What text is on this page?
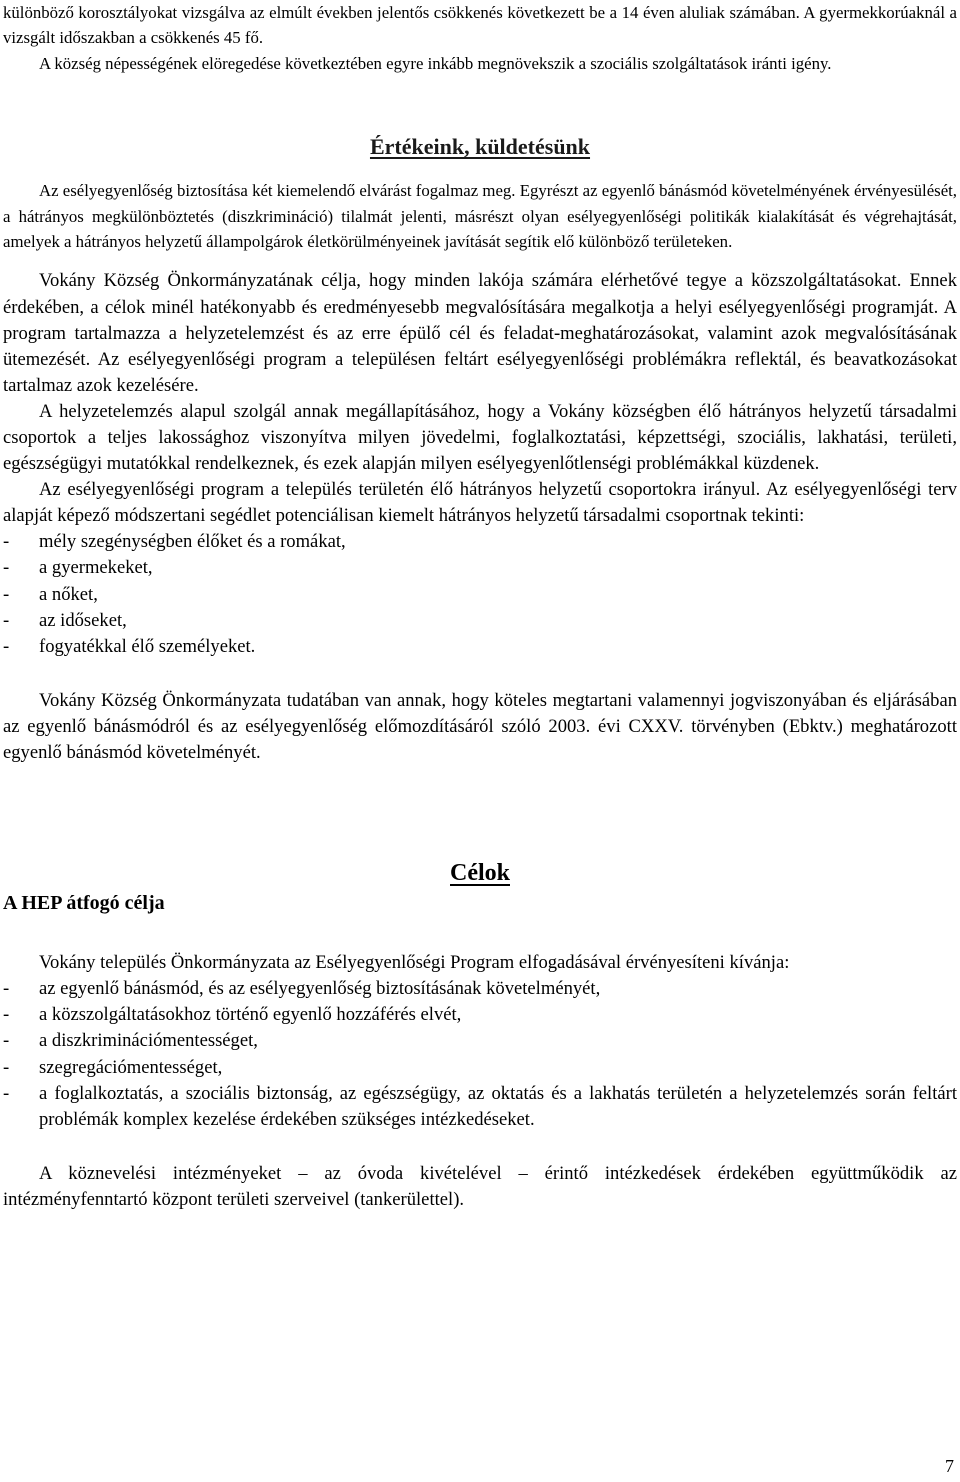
különböző korosztályokat vizsgálva az elmúlt években jelentős csökkenés következett be a 14 éven aluliak számában. A gyermekkorúaknál a vizsgált időszakban a csökkenés 45 fő.

A község népességének elöregedése következtében egyre inkább megnövekszik a szociális szolgáltatások iránti igény.

Értékeink, küldetésünk

Az esélyegyenlőség biztosítása két kiemelendő elvárást fogalmaz meg. Egyrészt az egyenlő bánásmód követelményének érvényesülését, a hátrányos megkülönböztetés (diszkrimináció) tilalmát jelenti, másrészt olyan esélyegyenlőségi politikák kialakítását és végrehajtását, amelyek a hátrányos helyzetű állampolgárok életkörülményeinek javítását segítik elő különböző területeken.

Vokány Község Önkormányzatának célja, hogy minden lakója számára elérhetővé tegye a közszolgáltatásokat. Ennek érdekében, a célok minél hatékonyabb és eredményesebb megvalósítására megalkotja a helyi esélyegyenlőségi programját. A program tartalmazza a helyzetelemzést és az erre épülő cél és feladat-meghatározásokat, valamint azok megvalósításának ütemezését. Az esélyegyenlőségi program a településen feltárt esélyegyenlőségi problémákra reflektál, és beavatkozásokat tartalmaz azok kezelésére.

A helyzetelemzés alapul szolgál annak megállapításához, hogy a Vokány községben élő hátrányos helyzetű társadalmi csoportok a teljes lakossághoz viszonyítva milyen jövedelmi, foglalkoztatási, képzettségi, szociális, lakhatási, területi, egészségügyi mutatókkal rendelkeznek, és ezek alapján milyen esélyegyenlőtlenségi problémákkal küzdenek.

Az esélyegyenlőségi program a település területén élő hátrányos helyzetű csoportokra irányul. Az esélyegyenlőségi terv alapját képező módszertani segédlet potenciálisan kiemelt hátrányos helyzetű társadalmi csoportnak tekinti:

- mély szegénységben élőket és a romákat,
- a gyermekeket,
- a nőket,
- az időseket,
- fogyatékkal élő személyeket.

Vokány Község Önkormányzata tudatában van annak, hogy köteles megtartani valamennyi jogviszonyában és eljárásában az egyenlő bánásmódról és az esélyegyenlőség előmozdításáról szóló 2003. évi CXXV. törvényben (Ebktv.) meghatározott egyenlő bánásmód követelményét.

Célok
A HEP átfogó célja

Vokány település Önkormányzata az Esélyegyenlőségi Program elfogadásával érvényesíteni kívánja:

- az egyenlő bánásmód, és az esélyegyenlőség biztosításának követelményét,
- a közszolgáltatásokhoz történő egyenlő hozzáférés elvét,
- a diszkriminációmentességet,
- szegregációmentességet,
- a foglalkoztatás, a szociális biztonság, az egészségügy, az oktatás és a lakhatás területén a helyzetelemzés során feltárt problémák komplex kezelése érdekében szükséges intézkedéseket.

A köznevelési intézményeket – az óvoda kivételével – érintő intézkedések érdekében együttműködik az intézményfenntartó központ területi szerveivel (tankerülettel).

7
